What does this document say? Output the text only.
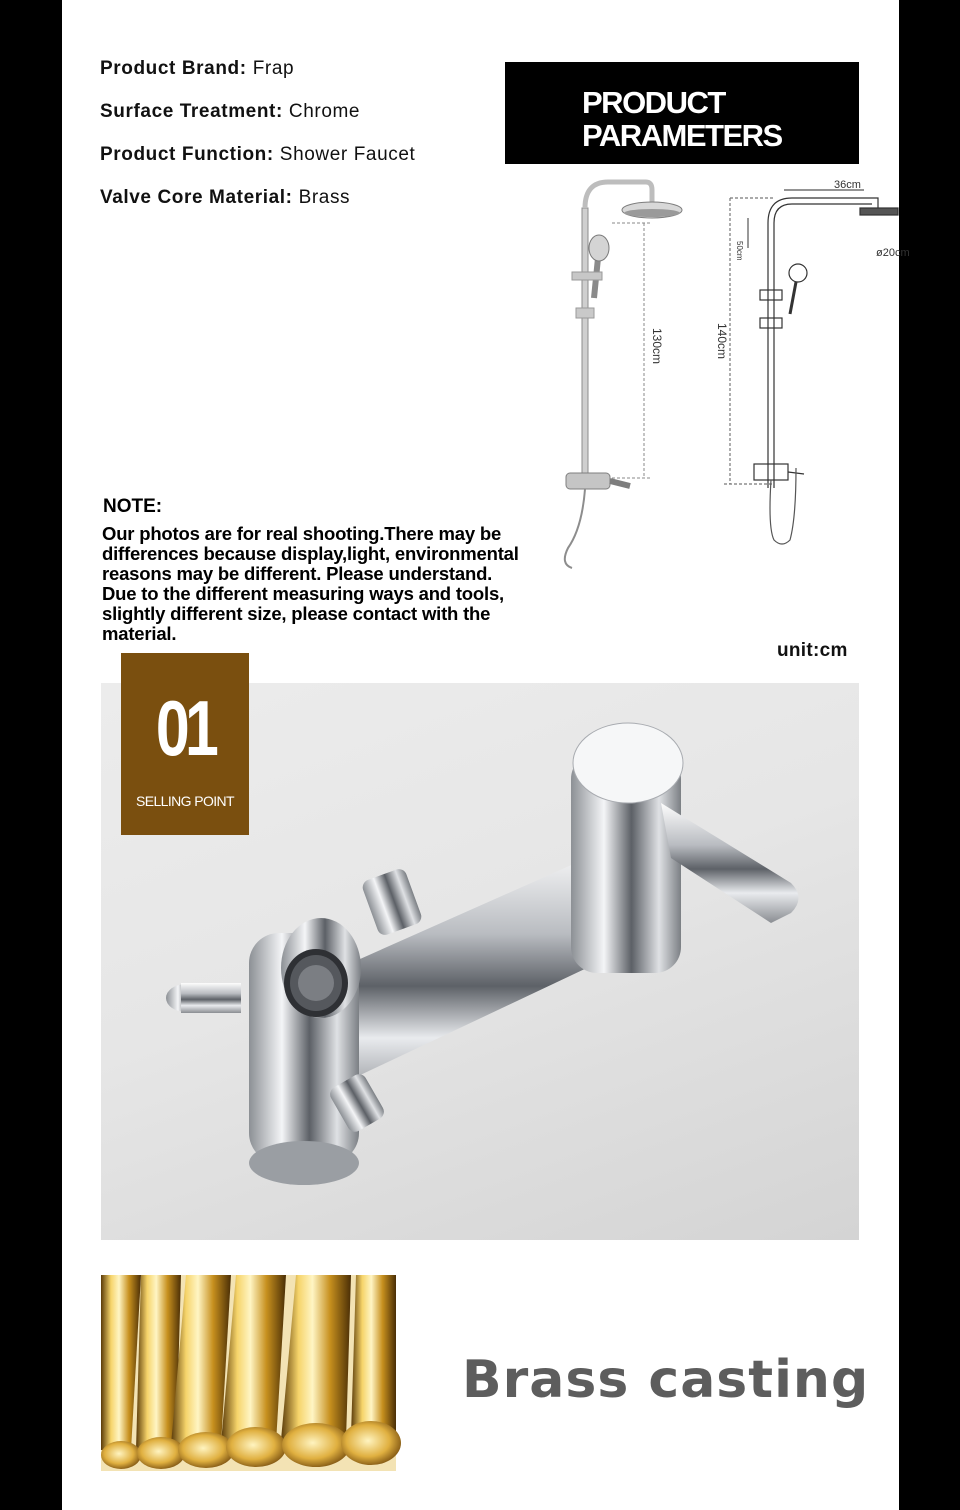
Product Brand: Frap
Surface Treatment: Chrome
Product Function: Shower Faucet
Valve Core Material: Brass
PRODUCT
PARAMETERS
130cm
36cm
ø20cm
50cm
140cm
NOTE:
Our photos are for real shooting.There may be
differences because display,light, environmental
reasons may be different. Please understand.
Due to the different measuring ways and tools,
slightly different size, please contact with the
material.
unit:cm
01
SELLING POINT
Brass casting
